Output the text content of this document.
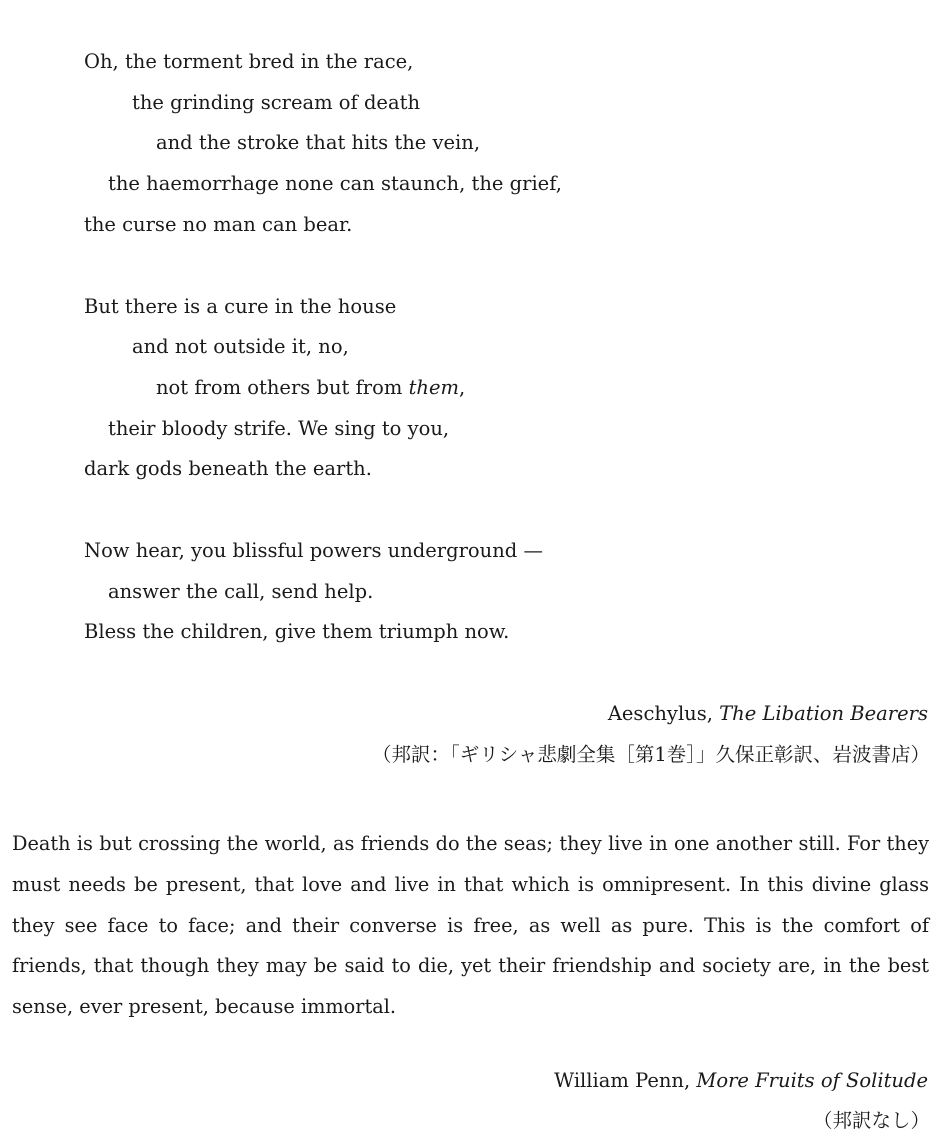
Oh, the torment bred in the race,
the grinding scream of death
and the stroke that hits the vein,
the haemorrhage none can staunch, the grief,
the curse no man can bear.
But there is a cure in the house
and not outside it, no,
not from others but from them,
their bloody strife. We sing to you,
dark gods beneath the earth.
Now hear, you blissful powers underground —
answer the call, send help.
Bless the children, give them triumph now.
Aeschylus, The Libation Bearers
（邦訳：「ギリシャ悲劇全集［第1巻］」久保正彰訳、岩波書店）
Death is but crossing the world, as friends do the seas; they live in one another still. For they must needs be present, that love and live in that which is omnipresent. In this divine glass they see face to face; and their converse is free, as well as pure. This is the comfort of friends, that though they may be said to die, yet their friendship and society are, in the best sense, ever present, because immortal.
William Penn, More Fruits of Solitude
（邦訳なし）
